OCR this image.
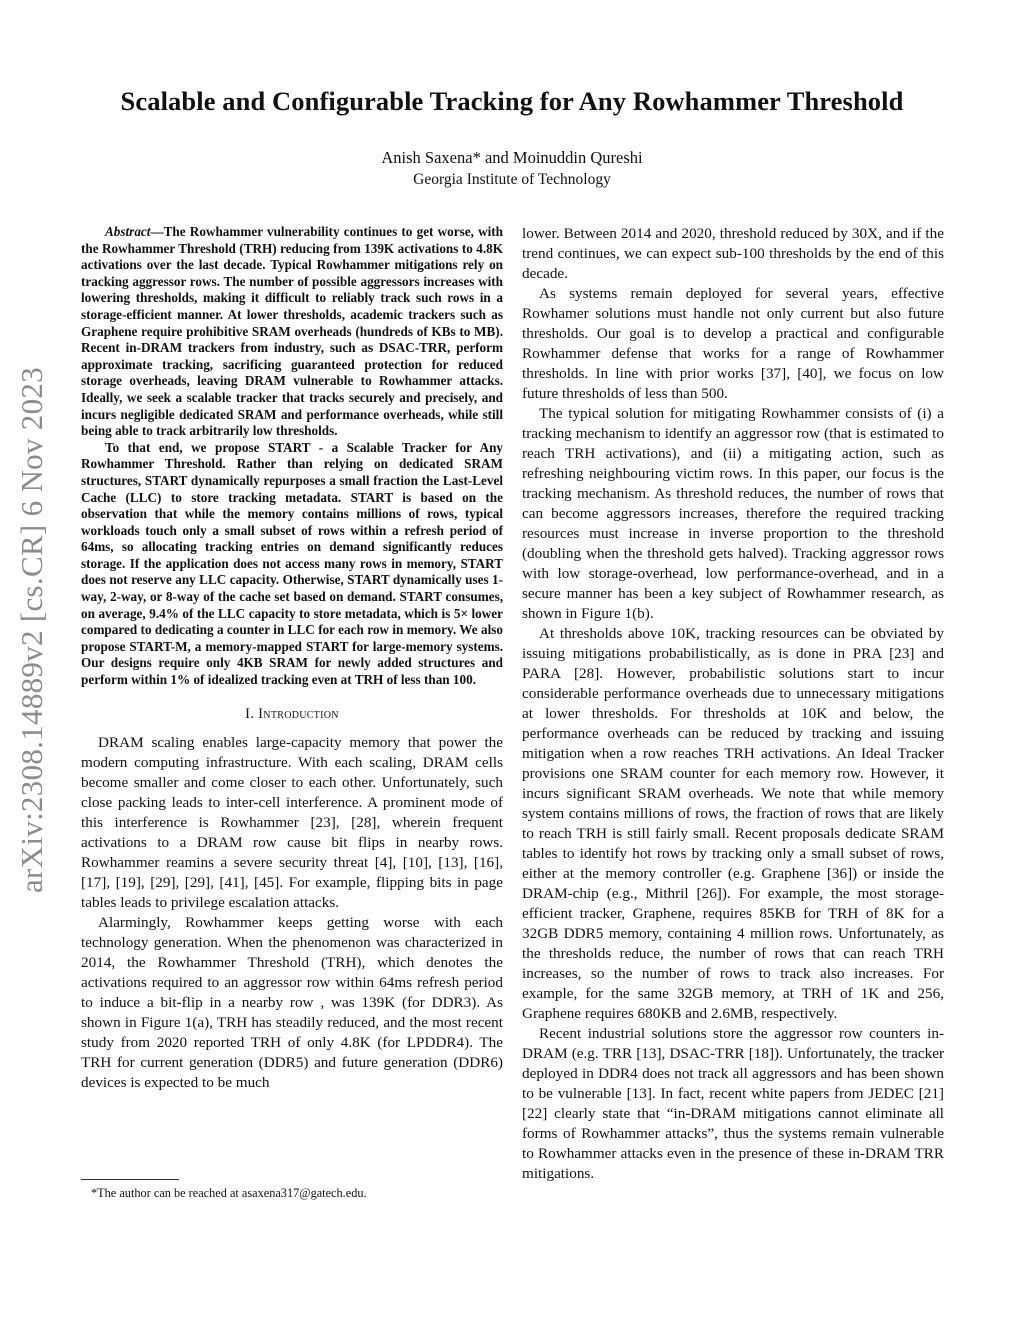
Scalable and Configurable Tracking for Any Rowhammer Threshold
Anish Saxena* and Moinuddin Qureshi
Georgia Institute of Technology
arXiv:2308.14889v2 [cs.CR] 6 Nov 2023

Abstract—The Rowhammer vulnerability continues to get worse, with the Rowhammer Threshold (TRH) reducing from 139K activations to 4.8K activations over the last decade. Typical Rowhammer mitigations rely on tracking aggressor rows. The number of possible aggressors increases with lowering thresholds, making it difficult to reliably track such rows in a storage-efficient manner. At lower thresholds, academic trackers such as Graphene require prohibitive SRAM overheads (hundreds of KBs to MB). Recent in-DRAM trackers from industry, such as DSAC-TRR, perform approximate tracking, sacrificing guaranteed protection for reduced storage overheads, leaving DRAM vulnerable to Rowhammer attacks. Ideally, we seek a scalable tracker that tracks securely and precisely, and incurs negligible dedicated SRAM and performance overheads, while still being able to track arbitrarily low thresholds.

To that end, we propose START - a Scalable Tracker for Any Rowhammer Threshold. Rather than relying on dedicated SRAM structures, START dynamically repurposes a small fraction the Last-Level Cache (LLC) to store tracking metadata. START is based on the observation that while the memory contains millions of rows, typical workloads touch only a small subset of rows within a refresh period of 64ms, so allocating tracking entries on demand significantly reduces storage. If the application does not access many rows in memory, START does not reserve any LLC capacity. Otherwise, START dynamically uses 1-way, 2-way, or 8-way of the cache set based on demand. START consumes, on average, 9.4% of the LLC capacity to store metadata, which is 5× lower compared to dedicating a counter in LLC for each row in memory. We also propose START-M, a memory-mapped START for large-memory systems. Our designs require only 4KB SRAM for newly added structures and perform within 1% of idealized tracking even at TRH of less than 100.

I. Introduction

DRAM scaling enables large-capacity memory that power the modern computing infrastructure. With each scaling, DRAM cells become smaller and come closer to each other. Unfortunately, such close packing leads to inter-cell interference. A prominent mode of this interference is Rowhammer [23], [28], wherein frequent activations to a DRAM row cause bit flips in nearby rows. Rowhammer reamins a severe security threat [4], [10], [13], [16], [17], [19], [29], [29], [41], [45]. For example, flipping bits in page tables leads to privilege escalation attacks.

Alarmingly, Rowhammer keeps getting worse with each technology generation. When the phenomenon was characterized in 2014, the Rowhammer Threshold (TRH), which denotes the activations required to an aggressor row within 64ms refresh period to induce a bit-flip in a nearby row , was 139K (for DDR3). As shown in Figure 1(a), TRH has steadily reduced, and the most recent study from 2020 reported TRH of only 4.8K (for LPDDR4). The TRH for current generation (DDR5) and future generation (DDR6) devices is expected to be much

lower. Between 2014 and 2020, threshold reduced by 30X, and if the trend continues, we can expect sub-100 thresholds by the end of this decade.

As systems remain deployed for several years, effective Rowhamer solutions must handle not only current but also future thresholds. Our goal is to develop a practical and configurable Rowhammer defense that works for a range of Rowhammer thresholds. In line with prior works [37], [40], we focus on low future thresholds of less than 500.

The typical solution for mitigating Rowhammer consists of (i) a tracking mechanism to identify an aggressor row (that is estimated to reach TRH activations), and (ii) a mitigating action, such as refreshing neighbouring victim rows. In this paper, our focus is the tracking mechanism. As threshold reduces, the number of rows that can become aggressors increases, therefore the required tracking resources must increase in inverse proportion to the threshold (doubling when the threshold gets halved). Tracking aggressor rows with low storage-overhead, low performance-overhead, and in a secure manner has been a key subject of Rowhammer research, as shown in Figure 1(b).

At thresholds above 10K, tracking resources can be obviated by issuing mitigations probabilistically, as is done in PRA [23] and PARA [28]. However, probabilistic solutions start to incur considerable performance overheads due to unnecessary mitigations at lower thresholds. For thresholds at 10K and below, the performance overheads can be reduced by tracking and issuing mitigation when a row reaches TRH activations. An Ideal Tracker provisions one SRAM counter for each memory row. However, it incurs significant SRAM overheads. We note that while memory system contains millions of rows, the fraction of rows that are likely to reach TRH is still fairly small. Recent proposals dedicate SRAM tables to identify hot rows by tracking only a small subset of rows, either at the memory controller (e.g. Graphene [36]) or inside the DRAM-chip (e.g., Mithril [26]). For example, the most storage-efficient tracker, Graphene, requires 85KB for TRH of 8K for a 32GB DDR5 memory, containing 4 million rows. Unfortunately, as the thresholds reduce, the number of rows that can reach TRH increases, so the number of rows to track also increases. For example, for the same 32GB memory, at TRH of 1K and 256, Graphene requires 680KB and 2.6MB, respectively.

Recent industrial solutions store the aggressor row counters in-DRAM (e.g. TRR [13], DSAC-TRR [18]). Unfortunately, the tracker deployed in DDR4 does not track all aggressors and has been shown to be vulnerable [13]. In fact, recent white papers from JEDEC [21] [22] clearly state that “in-DRAM mitigations cannot eliminate all forms of Rowhammer attacks”, thus the systems remain vulnerable to Rowhammer attacks even in the presence of these in-DRAM TRR mitigations.

*The author can be reached at asaxena317@gatech.edu.
